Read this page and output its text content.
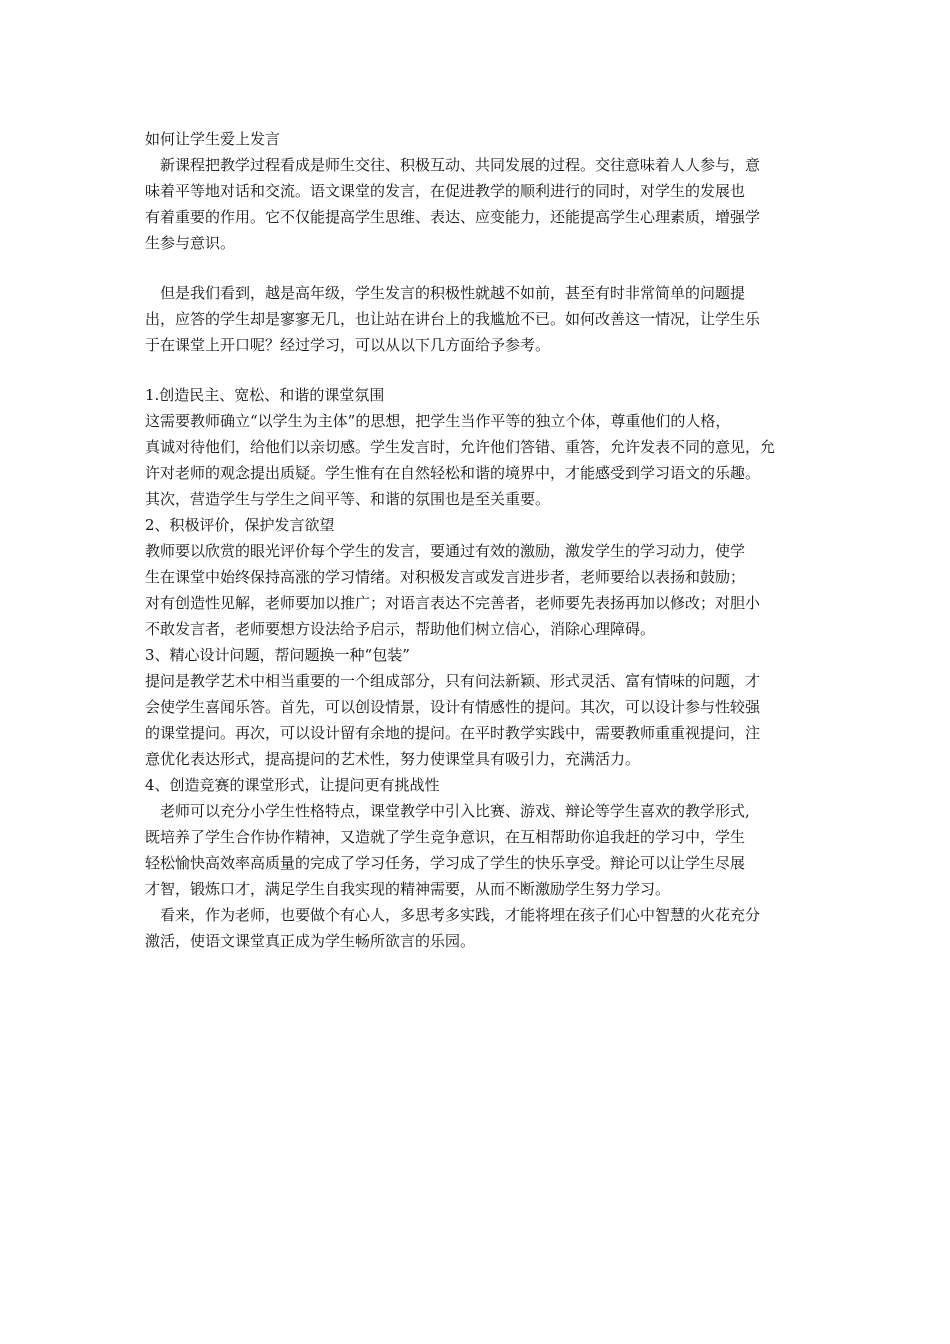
如何让学生爱上发言
新课程把教学过程看成是师生交往、积极互动、共同发展的过程。交往意味着人人参与，意
味着平等地对话和交流。语文课堂的发言，在促进教学的顺利进行的同时，对学生的发展也
有着重要的作用。它不仅能提高学生思维、表达、应变能力，还能提高学生心理素质，增强学
生参与意识。
但是我们看到，越是高年级，学生发言的积极性就越不如前，甚至有时非常简单的问题提
出，应答的学生却是寥寥无几，也让站在讲台上的我尴尬不已。如何改善这一情况，让学生乐
于在课堂上开口呢？经过学习，可以从以下几方面给予参考。
1.创造民主、宽松、和谐的课堂氛围
这需要教师确立“以学生为主体”的思想，把学生当作平等的独立个体，尊重他们的人格，
真诚对待他们，给他们以亲切感。学生发言时，允许他们答错、重答，允许发表不同的意见，允
许对老师的观念提出质疑。学生惟有在自然轻松和谐的境界中，才能感受到学习语文的乐趣。
其次，营造学生与学生之间平等、和谐的氛围也是至关重要。
2、积极评价，保护发言欲望
教师要以欣赏的眼光评价每个学生的发言，要通过有效的激励，激发学生的学习动力，使学
生在课堂中始终保持高涨的学习情绪。对积极发言或发言进步者，老师要给以表扬和鼓励；
对有创造性见解，老师要加以推广；对语言表达不完善者，老师要先表扬再加以修改；对胆小
不敢发言者，老师要想方设法给予启示，帮助他们树立信心，消除心理障碍。
3、精心设计问题，帮问题换一种“包装”
提问是教学艺术中相当重要的一个组成部分，只有问法新颖、形式灵活、富有情味的问题，才
会使学生喜闻乐答。首先，可以创设情景，设计有情感性的提问。其次，可以设计参与性较强
的课堂提问。再次，可以设计留有余地的提问。在平时教学实践中，需要教师重重视提问，注
意优化表达形式，提高提问的艺术性，努力使课堂具有吸引力，充满活力。
4、创造竞赛的课堂形式，让提问更有挑战性
老师可以充分小学生性格特点，课堂教学中引入比赛、游戏、辩论等学生喜欢的教学形式,
既培养了学生合作协作精神，又造就了学生竞争意识，在互相帮助你追我赶的学习中，学生
轻松愉快高效率高质量的完成了学习任务，学习成了学生的快乐享受。辩论可以让学生尽展
才智，锻炼口才，满足学生自我实现的精神需要，从而不断激励学生努力学习。
看来，作为老师，也要做个有心人，多思考多实践，才能将埋在孩子们心中智慧的火花充分
激活，使语文课堂真正成为学生畅所欲言的乐园。
